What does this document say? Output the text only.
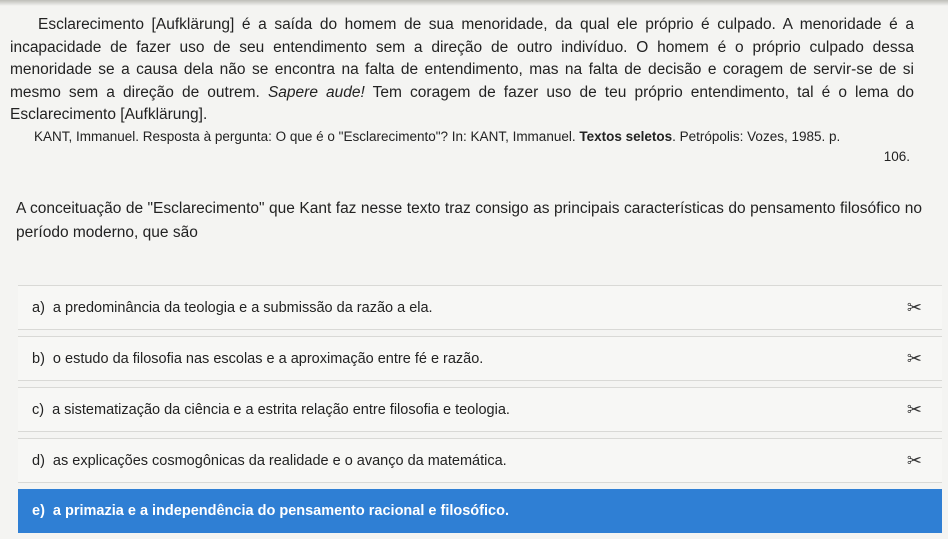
Esclarecimento [Aufklärung] é a saída do homem de sua menoridade, da qual ele próprio é culpado. A menoridade é a incapacidade de fazer uso de seu entendimento sem a direção de outro indivíduo. O homem é o próprio culpado dessa menoridade se a causa dela não se encontra na falta de entendimento, mas na falta de decisão e coragem de servir-se de si mesmo sem a direção de outrem. Sapere aude! Tem coragem de fazer uso de teu próprio entendimento, tal é o lema do Esclarecimento [Aufklärung].
KANT, Immanuel. Resposta à pergunta: O que é o "Esclarecimento"? In: KANT, Immanuel. Textos seletos. Petrópolis: Vozes, 1985. p.
106.
A conceituação de "Esclarecimento" que Kant faz nesse texto traz consigo as principais características do pensamento filosófico no período moderno, que são
a) a predominância da teologia e a submissão da razão a ela.	✂
b) o estudo da filosofia nas escolas e a aproximação entre fé e razão.	✂
c) a sistematização da ciência e a estrita relação entre filosofia e teologia.	✂
d) as explicações cosmogônicas da realidade e o avanço da matemática.	✂
e) a primazia e a independência do pensamento racional e filosófico.
